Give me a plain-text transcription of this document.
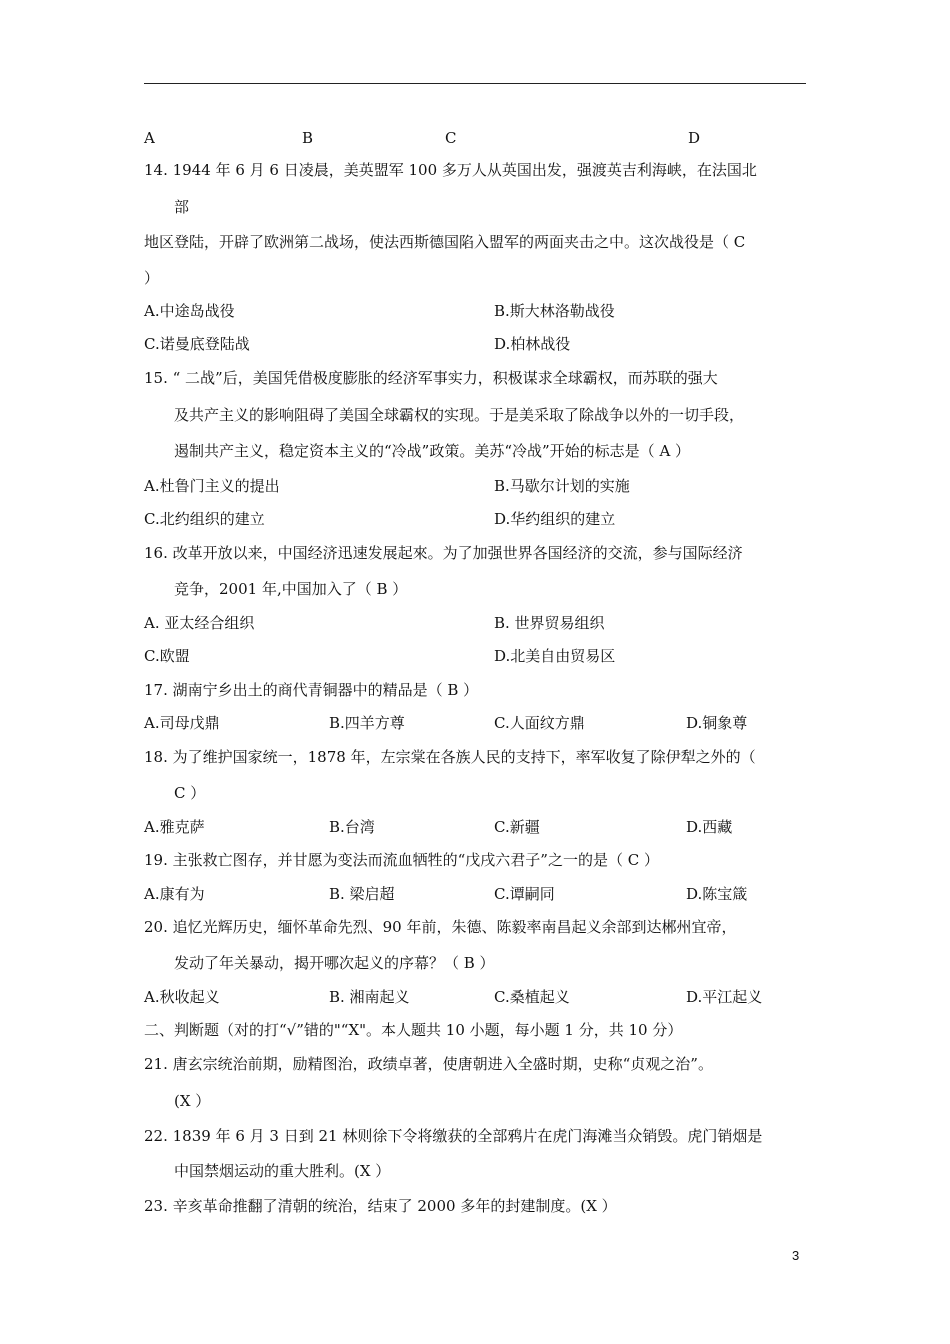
A	B	C	D
14. 1944 年 6 月 6 日凌晨，美英盟军 100 多万人从英国出发，强渡英吉利海峡，在法国北
部
地区登陆，开辟了欧洲第二战场，使法西斯德国陷入盟军的两面夹击之中。这次战役是（ C
）
A.中途岛战役	B.斯大林洛勒战役
C.诺曼底登陆战	D.柏林战役
15. “ 二战”后，美国凭借极度膨胀的经济军事实力，积极谋求全球霸权，而苏联的强大
及共产主义的影响阻碍了美国全球霸权的实现。于是美采取了除战争以外的一切手段，
遏制共产主义，稳定资本主义的“冷战”政策。美苏“冷战”开始的标志是（ A ）
A.杜鲁门主义的提出	B.马歇尔计划的实施
C.北约组织的建立	D.华约组织的建立
16. 改革开放以来，中国经济迅速发展起來。为了加强世界各国经济的交流，参与国际经济
竞争，2001 年,中国加入了（ B ）
A. 亚太经合组织	B. 世界贸易组织
C.欧盟	D.北美自由贸易区
17. 湖南宁乡出土的商代青铜器中的精品是（ B ）
A.司母戊鼎	B.四羊方尊	C.人面纹方鼎	D.铜象尊
18. 为了维护国家统一，1878 年，左宗棠在各族人民的支持下，率军收复了除伊犁之外的（
C ）
A.雅克萨	B.台湾	C.新疆	D.西藏
19. 主张救亡图存，并甘愿为变法而流血牺牲的“戊戌六君子”之一的是（ C ）
A.康有为	B. 梁启超	C.谭嗣同	D.陈宝箴
20. 追忆光辉历史，缅怀革命先烈、90 年前，朱德、陈毅率南昌起义余部到达郴州宜帝，
发动了年关暴动，揭开哪次起义的序幕？（ B ）
A.秋收起义	B. 湘南起义	C.桑植起义	D.平江起义
二、判断题（对的打“√”错的"“X"。本人题共 10 小题，每小题 1 分，共 10 分）
21. 唐玄宗统治前期，励精图治，政绩卓著，使唐朝进入全盛时期，史称“贞观之治”。
(X ）
22. 1839 年 6 月 3 日到 21 林则徐下令将缴获的全部鸦片在虎门海滩当众销毁。虎门销烟是
中国禁烟运动的重大胜利。(X ）
23. 辛亥革命推翻了清朝的统治，结束了 2000 多年的封建制度。(X ）
3
